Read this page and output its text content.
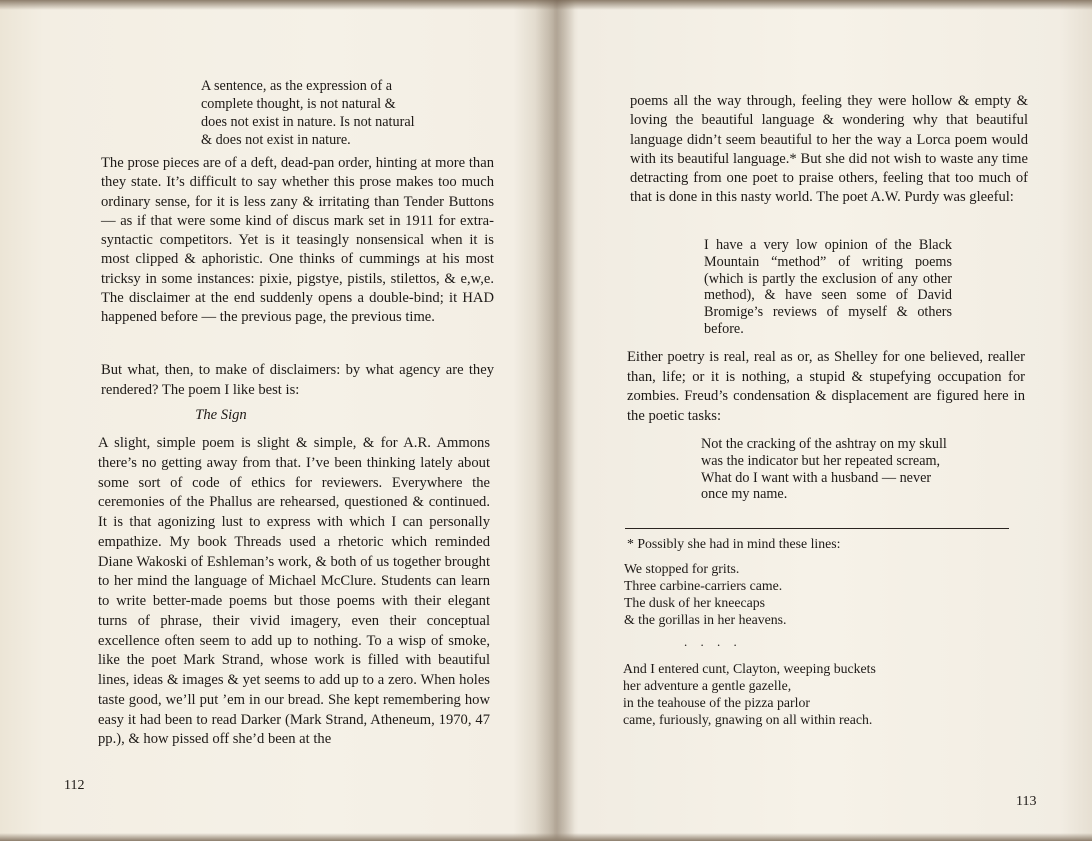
A sentence, as the expression of a complete thought, is not natural & does not exist in nature. Is not natural & does not exist in nature.
The prose pieces are of a deft, dead-pan order, hinting at more than they state. It’s difficult to say whether this prose makes too much ordinary sense, for it is less zany & irritating than Tender Buttons — as if that were some kind of discus mark set in 1911 for extra-syntactic competitors. Yet is it teasingly nonsensical when it is most clipped & aphoristic. One thinks of cummings at his most tricksy in some instances: pixie, pigstye, pistils, stilettos, & e,w,e. The disclaimer at the end suddenly opens a double-bind; it HAD happened before — the previous page, the previous time.
But what, then, to make of disclaimers: by what agency are they rendered? The poem I like best is:
The Sign
A slight, simple poem is slight & simple, & for A.R. Ammons there’s no getting away from that. I’ve been thinking lately about some sort of code of ethics for reviewers. Everywhere the ceremonies of the Phallus are rehearsed, questioned & continued. It is that agonizing lust to express with which I can personally empathize. My book Threads used a rhetoric which reminded Diane Wakoski of Eshleman’s work, & both of us together brought to her mind the language of Michael McClure. Students can learn to write better-made poems but those poems with their elegant turns of phrase, their vivid imagery, even their conceptual excellence often seem to add up to nothing. To a wisp of smoke, like the poet Mark Strand, whose work is filled with beautiful lines, ideas & images & yet seems to add up to a zero. When holes taste good, we’ll put ’em in our bread. She kept remembering how easy it had been to read Darker (Mark Strand, Atheneum, 1970, 47 pp.), & how pissed off she’d been at the
112
poems all the way through, feeling they were hollow & empty & loving the beautiful language & wondering why that beautiful language didn’t seem beautiful to her the way a Lorca poem would with its beautiful language.* But she did not wish to waste any time detracting from one poet to praise others, feeling that too much of that is done in this nasty world. The poet A.W. Purdy was gleeful:
I have a very low opinion of the Black Mountain “method” of writing poems (which is partly the exclusion of any other method), & have seen some of David Bromige’s reviews of myself & others before.
Either poetry is real, real as or, as Shelley for one believed, realler than, life; or it is nothing, a stupid & stupefying occupation for zombies. Freud’s condensation & displacement are figured here in the poetic tasks:
Not the cracking of the ashtray on my skull was the indicator but her repeated scream, What do I want with a husband — never once my name.
* Possibly she had in mind these lines:
We stopped for grits.
Three carbine-carriers came.
The dusk of her kneecaps
& the gorillas in her heavens.
. . . .
And I entered cunt, Clayton, weeping buckets
her adventure a gentle gazelle,
in the teahouse of the pizza parlor
came, furiously, gnawing on all within reach.
113
